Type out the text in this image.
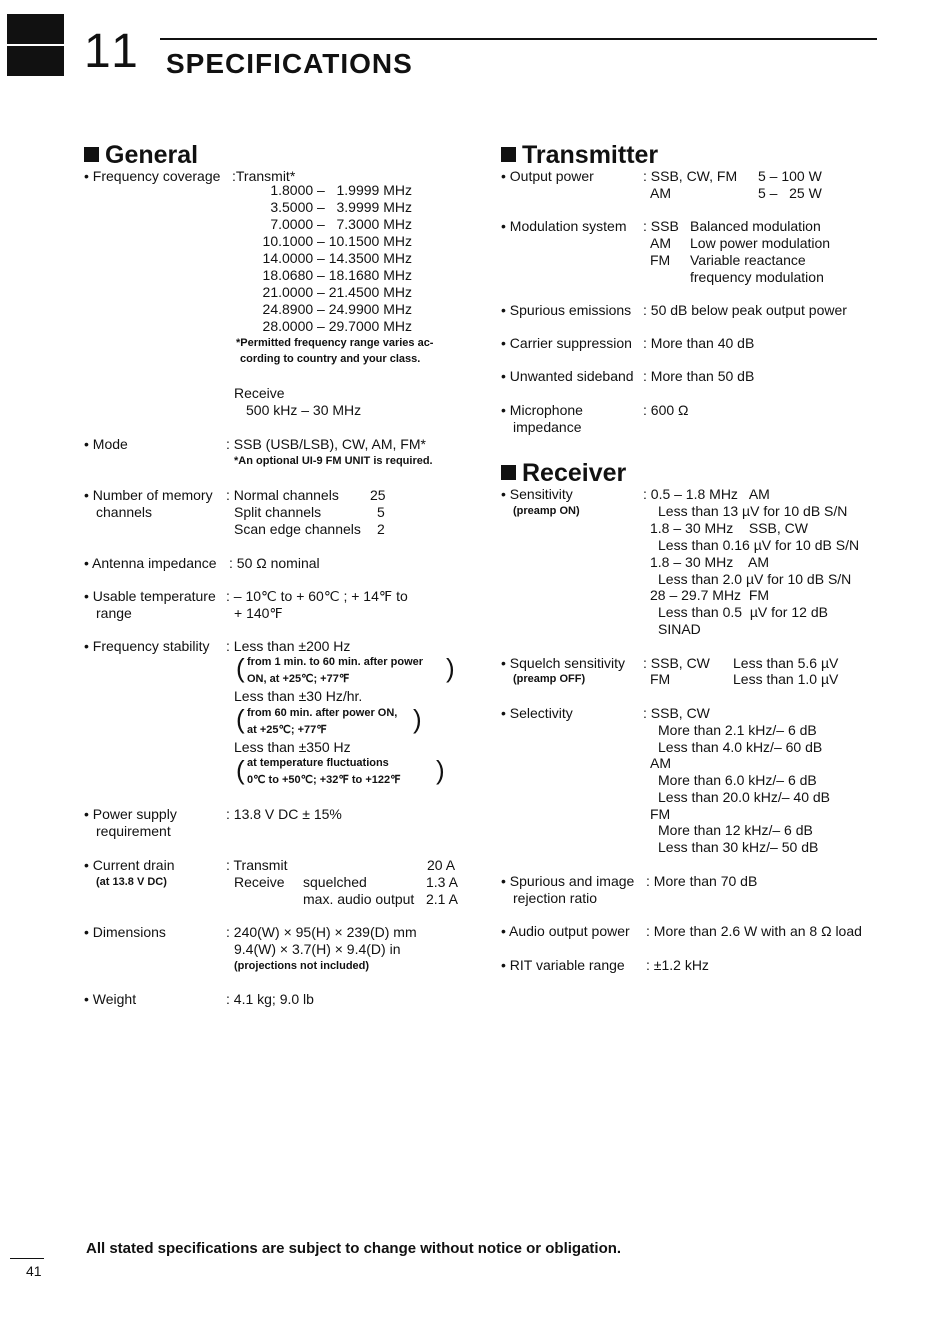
11 SPECIFICATIONS
General
• Frequency coverage :Transmit*
1.8000 –   1.9999 MHz
3.5000 –   3.9999 MHz
7.0000 –   7.3000 MHz
10.1000 – 10.1500 MHz
14.0000 – 14.3500 MHz
18.0680 – 18.1680 MHz
21.0000 – 21.4500 MHz
24.8900 – 24.9900 MHz
28.0000 – 29.7000 MHz
*Permitted frequency range varies ac-
cording to country and your class.
Receive
500 kHz – 30 MHz
• Mode	: SSB (USB/LSB), CW, AM, FM*
*An optional UI-9 FM UNIT is required.
• Number of memory
channels
: Normal channels 25
Split channels	5
Scan edge channels 2
• Antenna impedance : 50 Ω nominal
• Usable temperature
range
: – 10℃ to + 60℃ ; + 14℉ to
+ 140℉
• Frequency stability : Less than ±200 Hz
( from 1 min. to 60 min. after power
ON, at +25℃; +77℉	)
Less than ±30 Hz/hr.
( from 60 min. after power ON,
at +25℃; +77℉	)
Less than ±350 Hz
( at temperature fluctuations
0℃ to +50℃; +32℉ to +122℉ )
• Power supply
requirement
: 13.8 V DC ± 15%
• Current drain
(at 13.8 V DC)
: Transmit	20 A
Receive squelched	1.3 A
max. audio output 2.1 A
• Dimensions	: 240(W) × 95(H) × 239(D) mm
9.4(W) × 3.7(H) × 9.4(D) in
(projections not included)
• Weight	: 4.1 kg; 9.0 lb
Transmitter
• Output power	: SSB, CW, FM 5 – 100 W
AM	5 –   25 W
• Modulation system : SSB Balanced modulation
AM Low power modulation
FM Variable reactance
frequency modulation
• Spurious emissions : 50 dB below peak output power
• Carrier suppression : More than 40 dB
• Unwanted sideband : More than 50 dB
• Microphone
impedance
: 600 Ω
Receiver
• Sensitivity
(preamp ON)
: 0.5 – 1.8 MHz   AM
Less than 13 µV for 10 dB S/N
1.8 – 30 MHz    SSB, CW
Less than 0.16 µV for 10 dB S/N
1.8 – 30 MHz    AM
Less than 2.0 µV for 10 dB S/N
28 – 29.7 MHz  FM
Less than 0.5  µV for 12 dB
SINAD
• Squelch sensitivity
(preamp OFF)
: SSB, CW Less than 5.6 µV
FM	Less than 1.0 µV
• Selectivity	: SSB, CW
More than 2.1 kHz/– 6 dB
Less than 4.0 kHz/– 60 dB
AM
More than 6.0 kHz/– 6 dB
Less than 20.0 kHz/– 40 dB
FM
More than 12 kHz/– 6 dB
Less than 30 kHz/– 50 dB
• Spurious and image
rejection ratio
: More than 70 dB
• Audio output power : More than 2.6 W with an 8 Ω load
• RIT variable range : ±1.2 kHz
All stated specifications are subject to change without notice or obligation.
41
